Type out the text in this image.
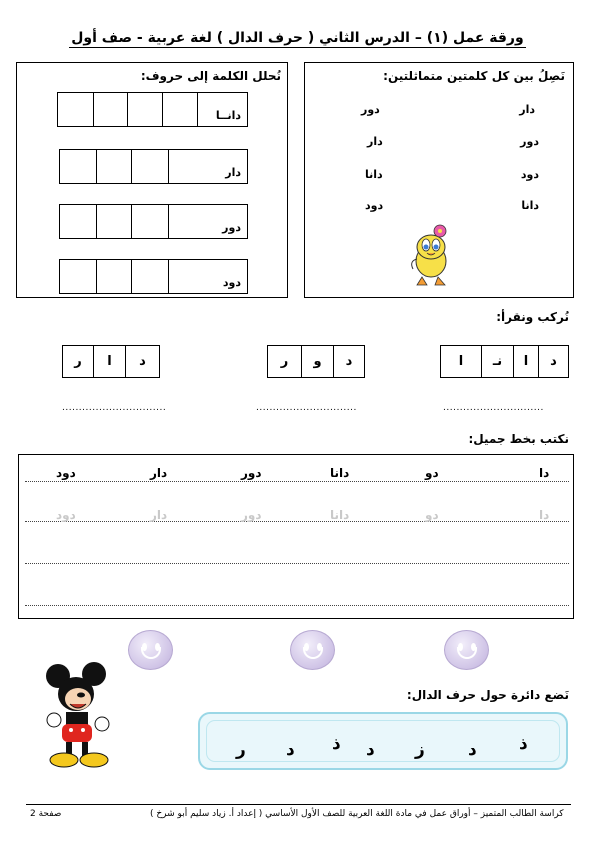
ورقة عمل (١) – الدرس الثاني ( حرف الدال ) لغة عربية - صف أول
نَصِلُ بين كل كلمتين متماثلتين:
دار
دور
دود
دانا
دور
دار
دانا
دود
نُحلل الكلمة إلى حروف:
دانــا
دار
دور
دود
نُركب ونقرأ:
ا	نـ	ا	د
ر	و	د
ر	ا	د
..............................
..............................
...............................
نكتب بخط جميل:
دا
دو
دانا
دور
دار
دود
دا
دو
دانا
دور
دار
دود
نَضع دائرة حول حرف الدال:
ذ
د
ز
د
ذ
د
ر
كراسة الطالب المتميز – أوراق عمل في مادة اللغة العربية للصف الأول الأساسي ( إعداد أ. زياد سليم أبو شرخ )
صفحة 2
